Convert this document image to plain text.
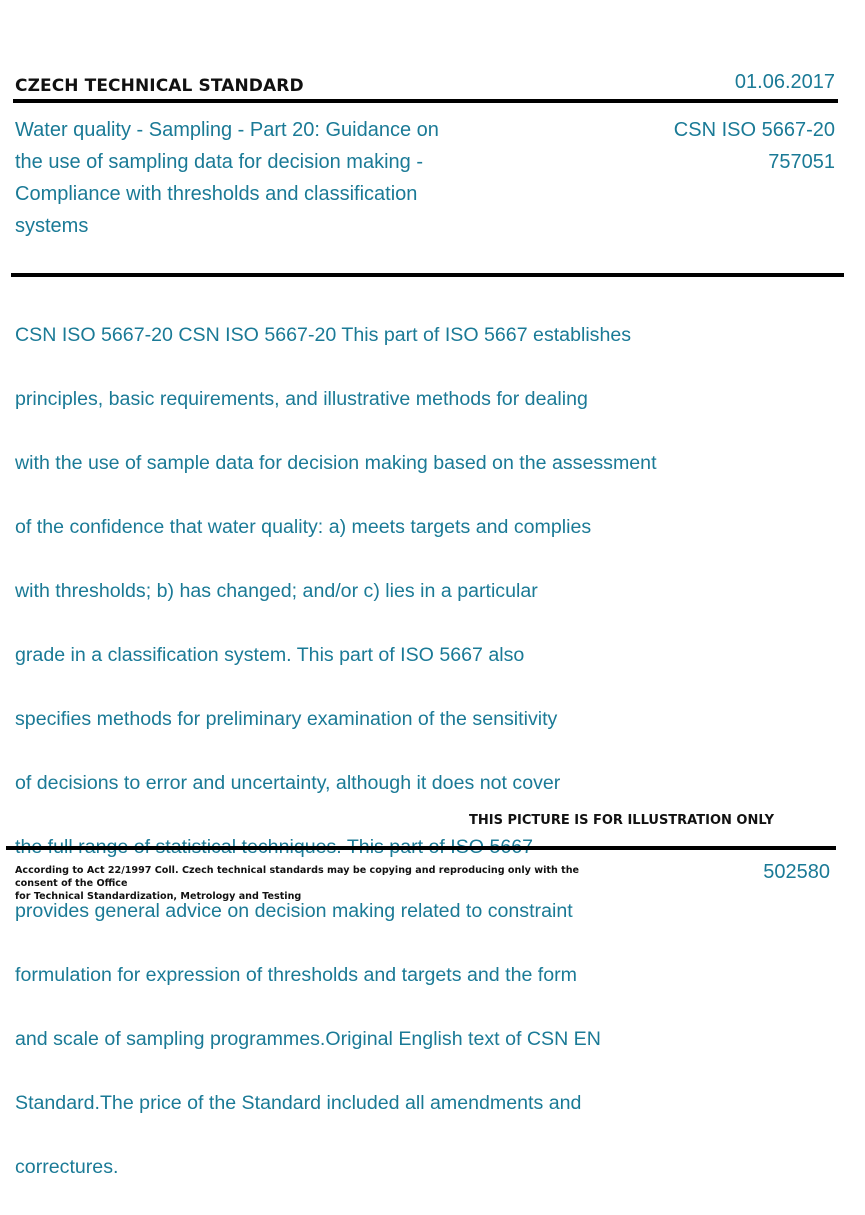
CZECH TECHNICAL STANDARD	01.06.2017
Water quality - Sampling - Part 20: Guidance on the use of sampling data for decision making - Compliance with thresholds and classification systems
CSN ISO 5667-20
757051

CSN ISO 5667-20 CSN ISO 5667-20 This part of ISO 5667 establishes

principles, basic requirements, and illustrative methods for dealing

with the use of sample data for decision making based on the assessment

of the confidence that water quality: a) meets targets and complies

with thresholds; b) has changed; and/or c) lies in a particular

grade in a classification system. This part of ISO 5667 also

specifies methods for preliminary examination of the sensitivity

of decisions to error and uncertainty, although it does not cover

provides general advice on decision making related to constraint

formulation for expression of thresholds and targets and the form

and scale of sampling programmes.Original English text of CSN EN

Standard.The price of the Standard included all amendments and

correctures.

THIS PICTURE IS FOR ILLUSTRATION ONLY
According to Act 22/1997 Coll. Czech technical standards may be copying and reproducing only with the consent of the Office
for Technical Standardization, Metrology and Testing
502580
